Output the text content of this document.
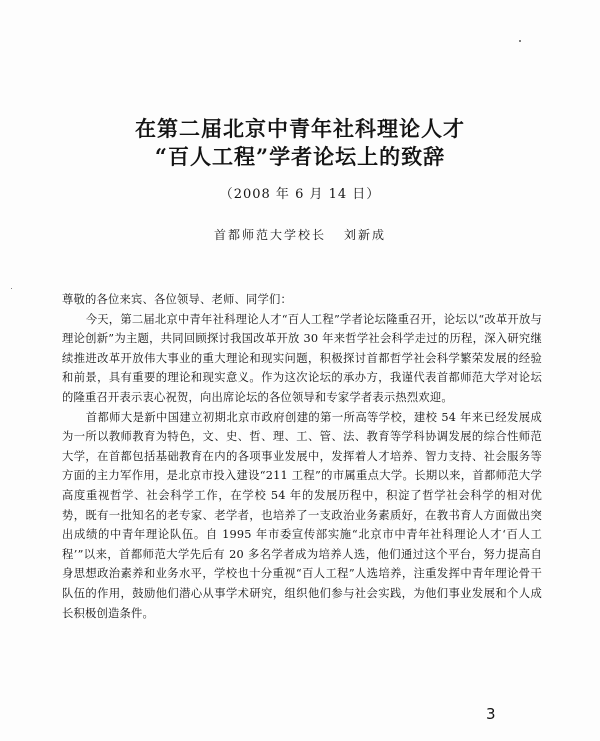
在第二届北京中青年社科理论人才
“百人工程”学者论坛上的致辞
（2008 年 6 月 14 日）
首都师范大学校长 刘新成

尊敬的各位来宾、各位领导、老师、同学们：

今天，第二届北京中青年社科理论人才“百人工程”学者论坛隆重召开，论坛以“改革开放与理论创新”为主题，共同回顾探讨我国改革开放 30 年来哲学社会科学走过的历程，深入研究继续推进改革开放伟大事业的重大理论和现实问题，积极探讨首都哲学社会科学繁荣发展的经验和前景，具有重要的理论和现实意义。作为这次论坛的承办方，我谨代表首都师范大学对论坛的隆重召开表示衷心祝贺，向出席论坛的各位领导和专家学者表示热烈欢迎。

首都师大是新中国建立初期北京市政府创建的第一所高等学校，建校 54 年来已经发展成为一所以教师教育为特色，文、史、哲、理、工、管、法、教育等学科协调发展的综合性师范大学，在首都包括基础教育在内的各项事业发展中，发挥着人才培养、智力支持、社会服务等方面的主力军作用，是北京市投入建设“211 工程”的市属重点大学。长期以来，首都师范大学高度重视哲学、社会科学工作，在学校 54 年的发展历程中，积淀了哲学社会科学的相对优势，既有一批知名的老专家、老学者，也培养了一支政治业务素质好，在教书育人方面做出突出成绩的中青年理论队伍。自 1995 年市委宣传部实施“北京市中青年社科理论人才‘百人工程’”以来，首都师范大学先后有 20 多名学者成为培养人选，他们通过这个平台，努力提高自身思想政治素养和业务水平，学校也十分重视“百人工程”人选培养，注重发挥中青年理论骨干队伍的作用，鼓励他们潜心从事学术研究，组织他们参与社会实践，为他们事业发展和个人成长积极创造条件。

3
